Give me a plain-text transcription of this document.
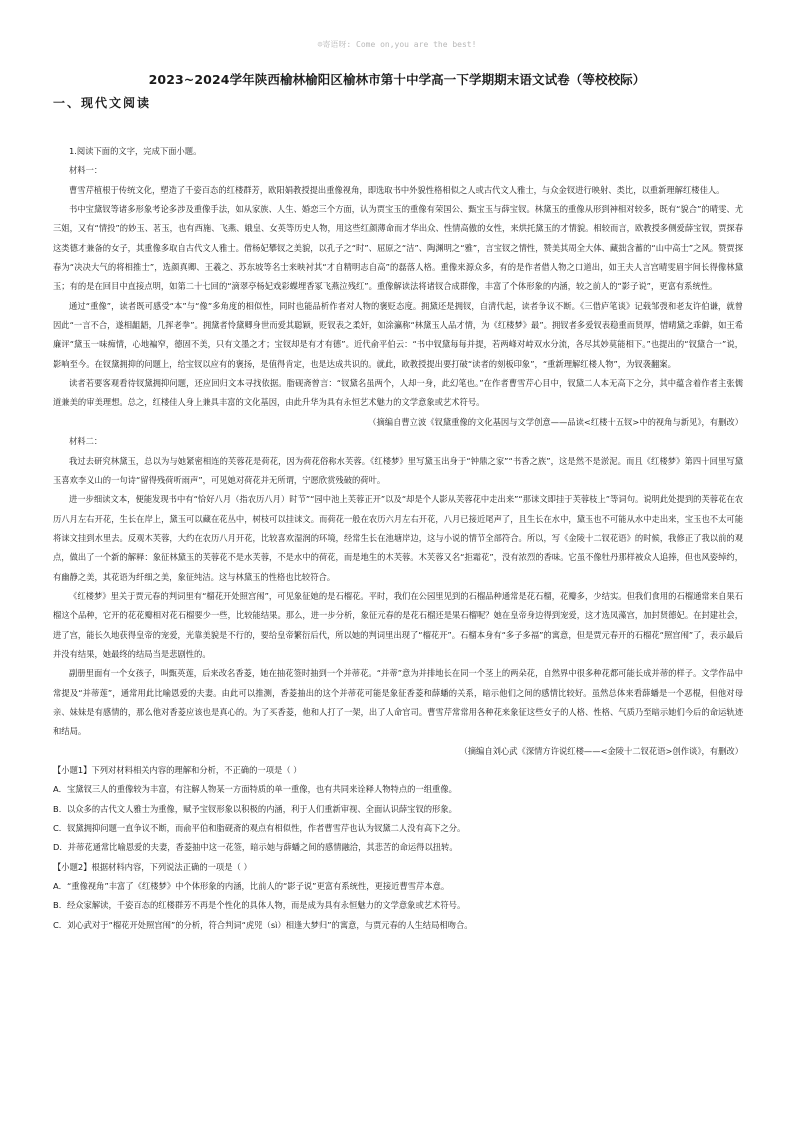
☺寄语呀: Come on,you are the best!
2023~2024学年陕西榆林榆阳区榆林市第十中学高一下学期期末语文试卷（等校校际）
一、现代文阅读

1.阅读下面的文字，完成下面小题。

材料一：

曹雪芹植根于传统文化，塑造了千姿百态的红楼群芳，欧阳娟教授提出重像视角，即选取书中外貌性格相似之人或古代文人雅士，与众金钗进行映射、类比，以重新理解红楼佳人。

书中宝黛钗等诸多形象考论多涉及重像手法，如从家族、人生、婚恋三个方面，认为贾宝玉的重像有荣国公、甄宝玉与薛宝钗。林黛玉的重像从形到神相对较多，既有“貌合”的晴雯、尤三姐，又有“情投”的妙玉、茗玉，也有西施、飞燕、娥皇、女英等历史人物，用这些红颜薄命而才华出众、性情高傲的女性，来烘托黛玉的才情貌。相较而言，欧教授多侧爱薛宝钗，贾探春这类德才兼备的女子，其重像多取自古代文人雅士。借杨妃攀钗之美貌，以孔子之“时”、屈原之“洁”、陶渊明之“雅”，言宝钗之情性，赞美其周全大体、藏拙含蓄的“山中高士”之风。赞贾探春为“决决大气的将相推士”，选颜真卿、王羲之、苏东坡等名士来映衬其“才自精明志自高”的磊落人格。重像来源众多，有的是作者借人物之口道出，如王夫人言宫晴雯眉宇间长得像林黛玉；有的是在回目中直接点明，如第二十七回的“滴翠亭杨妃戏彩蝶埋香冢飞燕泣残红”。重像解读法将诸钗合成群像，丰富了个体形象的内涵，较之前人的“影子说”，更富有系统性。

通过“重像”，读者既可感受“本”与“像”多角度的相似性，同时也能品析作者对人物的褒贬态度。拥黛还是拥钗，自清代起，读者争议不断。《三借庐笔谈》记载邹弢和老友许伯谦，就曾因此“一言不合，遂相龃龉，几挥老拳”。拥黛者怜黛卿身世而爱其聪颖，贬钗表之柔奸，如涂瀛称“林黛玉人品才情，为《红楼梦》最”。拥钗者多爱钗表稳重而贤厚，惜晴黛之乖僻，如王希廉评“黛玉一味痴情，心地褊窄，德固不美，只有文墨之才；宝钗却是有才有德”。近代俞平伯云：“书中钗黛每每并提，若两峰对峙双水分流，各尽其妙莫能相下。”也提出的“钗黛合一”说，影响至今。在钗黛拥抑的问题上，给宝钗以应有的褒扬，是值得肯定，也是达成共识的。就此，欧教授提出要打破“读者的刻板印象”，“重新理解红楼人物”，为钗袭翻案。

读者若要客观看待钗黛拥抑问题，还应回归文本寻找依据。脂砚斋曾言：“钗黛名虽两个，人却一身，此幻笔也。”在作者曹雪芹心目中，钗黛二人本无高下之分，其中蕴含着作者主张儒道兼美的审美理想。总之，红楼佳人身上兼具丰富的文化基因，由此升华为具有永恒艺术魅力的文学意象或艺术符号。

（摘编自曹立波《钗黛重像的文化基因与文学创意——品读<红楼十五钗>中的视角与新见》，有删改）

材料二：

我过去研究林黛玉，总以为与她紧密相连的芙蓉花是荷花，因为荷花俗称水芙蓉。《红楼梦》里写黛玉出身于“钟鼎之家”“书香之族”，这是然不是淤泥。而且《红楼梦》第四十回里写黛玉喜欢李义山的一句诗“留得残荷听雨声”，可见她对荷花并无所谓，宁愿欣赏残破的荷叶。

进一步细读文本，便能发现书中有“恰好八月（指农历八月）时节”“园中池上芙蓉正开”以及“却是个人影从芙蓉花中走出来”“那诔文即挂于芙蓉枝上”等词句。说明此处提到的芙蓉花在农历八月左右开花，生长在岸上，黛玉可以藏在花丛中，树枝可以挂诔文。而荷花一般在农历六月左右开花，八月已接近尾声了，且生长在水中，黛玉也不可能从水中走出来，宝玉也不太可能将诔文挂到水里去。反观木芙蓉，大约在农历八月开花，比较喜欢湿润的环境，经常生长在池塘岸边，这与小说的情节全部符合。所以，写《金陵十二钗花语》的时候，我修正了我以前的观点，做出了一个新的解释：象征林黛玉的芙蓉花不是水芙蓉，不是水中的荷花，而是地生的木芙蓉。木芙蓉又名“拒霜花”，没有浓烈的香味。它虽不像牡丹那样被众人追捧，但也风姿绰约，有幽静之美，其花语为纤细之美，象征纯洁。这与林黛玉的性格也比较符合。

《红楼梦》里关于贾元春的判词里有“榴花开处照宫闱”，可见象征她的是石榴花。平时，我们在公园里见到的石榴品种通常是花石榴，花瓣多，少结实。但我们食用的石榴通常来自果石榴这个品种，它开的花花瓣相对花石榴要少一些，比较能结果。那么，进一步分析，象征元春的是花石榴还是果石榴呢？她在皇帝身边得到宠爱，这才选凤藻宫，加封贤德妃。在封建社会，进了宫，能长久地获得皇帝的宠爱，光靠美貌是不行的，要给皇帝繁衍后代，所以她的判词里出现了“榴花开”。石榴本身有“多子多福”的寓意，但是贾元春开的石榴花“照宫闱”了，表示最后并没有结果，她最终的结局当是悲剧性的。

副册里面有一个女孩子，叫甄英莲，后来改名香菱，她在抽花签时抽到一个并蒂花。“并蒂”意为并排地长在同一个茎上的两朵花，自然界中很多种花都可能长成并蒂的样子。文学作品中常提及“并蒂莲”，通常用此比喻恩爱的夫妻。由此可以推测，香菱抽出的这个并蒂花可能是象征香菱和薛蟠的关系，暗示他们之间的感情比较好。虽然总体来看薛蟠是一个恶棍，但他对母亲、妹妹是有感情的，那么他对香菱应该也是真心的。为了买香菱，他和人打了一架，出了人命官司。曹雪芹常常用各种花来象征这些女子的人格、性格、气质乃至暗示她们今后的命运轨迹和结局。

（摘编自刘心武《深情方许说红楼——<金陵十二钗花语>创作谈》，有删改）

【小题1】下列对材料相关内容的理解和分析，不正确的一项是（ ）

A．宝黛钗三人的重像较为丰富，有注解人物某一方面特质的单一重像，也有共同来诠释人物特点的一组重像。

B．以众多的古代文人雅士为重像，赋予宝钗形象以积极的内涵，利于人们重新审视、全面认识薛宝钗的形象。

C．钗黛拥抑问题一直争议不断，而俞平伯和脂砚斋的观点有相似性，作者曹雪芹也认为钗黛二人没有高下之分。

D．并蒂花通常比喻恩爱的夫妻，香菱抽中这一花签，暗示她与薛蟠之间的感情融洽，其悲苦的命运得以扭转。

【小题2】根据材料内容，下列说法正确的一项是（ ）

A．“重像视角”丰富了《红楼梦》中个体形象的内涵，比前人的“影子说”更富有系统性，更接近曹雪芹本意。

B．经众家解读，千姿百态的红楼群芳不再是个性化的具体人物，而是成为具有永恒魅力的文学意象或艺术符号。

C．刘心武对于“榴花开处照宫闱”的分析，符合判词“虎兕（sì）相逢大梦归”的寓意，与贾元春的人生结局相吻合。
